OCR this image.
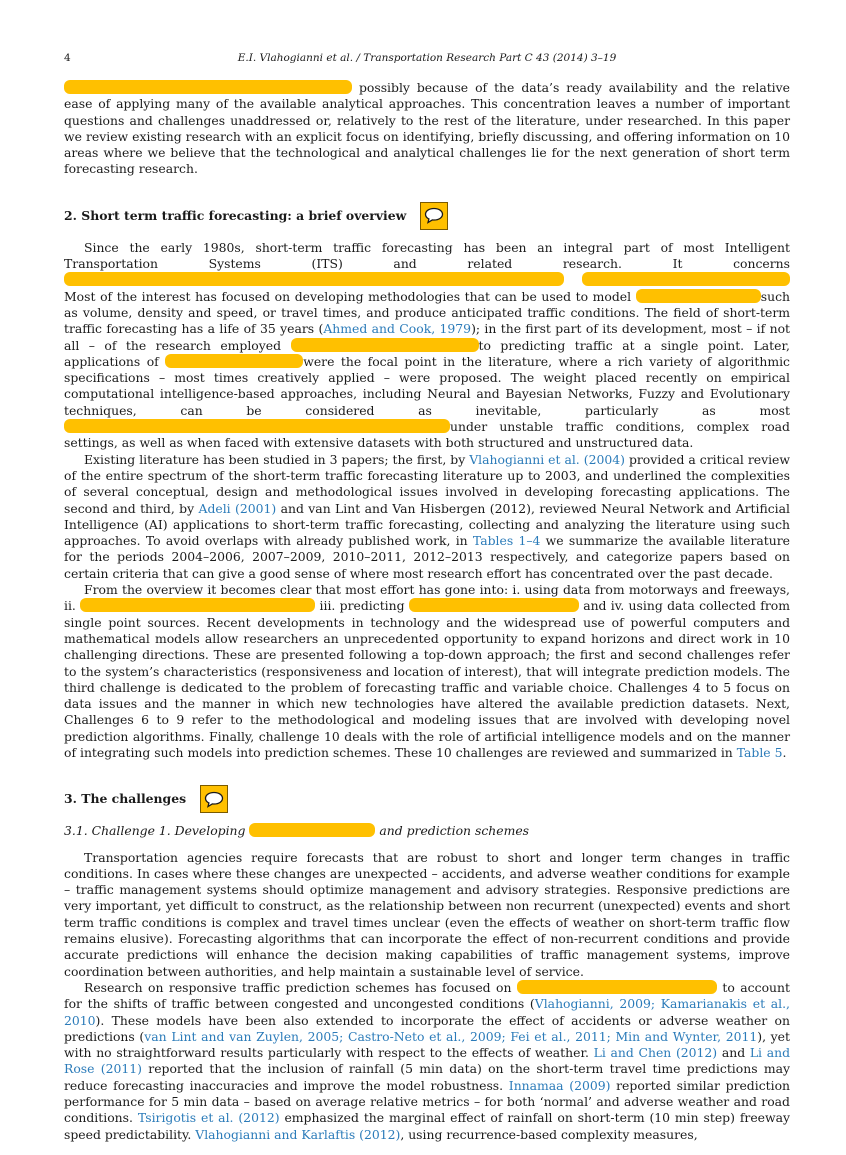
4	E.I. Vlahogianni et al. / Transportation Research Part C 43 (2014) 3–19

possibly because of the data’s ready availability and the relative ease of applying many of the available analytical approaches. This concentration leaves a number of important questions and challenges unaddressed or, relatively to the rest of the literature, under researched. In this paper we review existing research with an explicit focus on identifying, briefly discussing, and offering information on 10 areas where we believe that the technological and analytical challenges lie for the next generation of short term forecasting research.

2. Short term traffic forecasting: a brief overview

Since the early 1980s, short-term traffic forecasting has been an integral part of most Intelligent Transportation Systems (ITS) and related research. It concerns   Most of the interest has focused on developing methodologies that can be used to model	such as volume, density and speed, or travel times, and produce anticipated traffic conditions. The field of short-term traffic forecasting has a life of 35 years (Ahmed and Cook, 1979); in the first part of its development, most – if not all – of the research employed	to predicting traffic at a single point. Later, applications of	were the focal point in the literature, where a rich variety of algorithmic specifications – most times creatively applied – were proposed. The weight placed recently on empirical computational intelligence-based approaches, including Neural and Bayesian Networks, Fuzzy and Evolutionary techniques, can be considered as inevitable, particularly as most under unstable traffic conditions, complex road settings, as well as when faced with extensive datasets with both structured and unstructured data.

Existing literature has been studied in 3 papers; the first, by Vlahogianni et al. (2004) provided a critical review of the entire spectrum of the short-term traffic forecasting literature up to 2003, and underlined the complexities of several conceptual, design and methodological issues involved in developing forecasting applications. The second and third, by Adeli (2001) and van Lint and Van Hisbergen (2012), reviewed Neural Network and Artificial Intelligence (AI) applications to short-term traffic forecasting, collecting and analyzing the literature using such approaches. To avoid overlaps with already published work, in Tables 1–4 we summarize the available literature for the periods 2004–2006, 2007–2009, 2010–2011, 2012–2013 respectively, and categorize papers based on certain criteria that can give a good sense of where most research effort has concentrated over the past decade.

From the overview it becomes clear that most effort has gone into: i. using data from motorways and freeways, ii.	iii. predicting	and iv. using data collected from single point sources. Recent developments in technology and the widespread use of powerful computers and mathematical models allow researchers an unprecedented opportunity to expand horizons and direct work in 10 challenging directions. These are presented following a top-down approach; the first and second challenges refer to the system’s characteristics (responsiveness and location of interest), that will integrate prediction models. The third challenge is dedicated to the problem of forecasting traffic and variable choice. Challenges 4 to 5 focus on data issues and the manner in which new technologies have altered the available prediction datasets. Next, Challenges 6 to 9 refer to the methodological and modeling issues that are involved with developing novel prediction algorithms. Finally, challenge 10 deals with the role of artificial intelligence models and on the manner of integrating such models into prediction schemes. These 10 challenges are reviewed and summarized in Table 5.

3. The challenges
3.1. Challenge 1. Developing	and prediction schemes

Transportation agencies require forecasts that are robust to short and longer term changes in traffic conditions. In cases where these changes are unexpected – accidents, and adverse weather conditions for example – traffic management systems should optimize management and advisory strategies. Responsive predictions are very important, yet difficult to construct, as the relationship between non recurrent (unexpected) events and short term traffic conditions is complex and travel times unclear (even the effects of weather on short-term traffic flow remains elusive). Forecasting algorithms that can incorporate the effect of non-recurrent conditions and provide accurate predictions will enhance the decision making capabilities of traffic management systems, improve coordination between authorities, and help maintain a sustainable level of service.

Research on responsive traffic prediction schemes has focused on	to account for the shifts of traffic between congested and uncongested conditions (Vlahogianni, 2009; Kamarianakis et al., 2010). These models have been also extended to incorporate the effect of accidents or adverse weather on predictions (van Lint and van Zuylen, 2005; Castro-Neto et al., 2009; Fei et al., 2011; Min and Wynter, 2011), yet with no straightforward results particularly with respect to the effects of weather. Li and Chen (2012) and Li and Rose (2011) reported that the inclusion of rainfall (5 min data) on the short-term travel time predictions may reduce forecasting inaccuracies and improve the model robustness. Innamaa (2009) reported similar prediction performance for 5 min data – based on average relative metrics – for both ‘normal’ and adverse weather and road conditions. Tsirigotis et al. (2012) emphasized the marginal effect of rainfall on short-term (10 min step) freeway speed predictability. Vlahogianni and Karlaftis (2012), using recurrence-based complexity measures,
